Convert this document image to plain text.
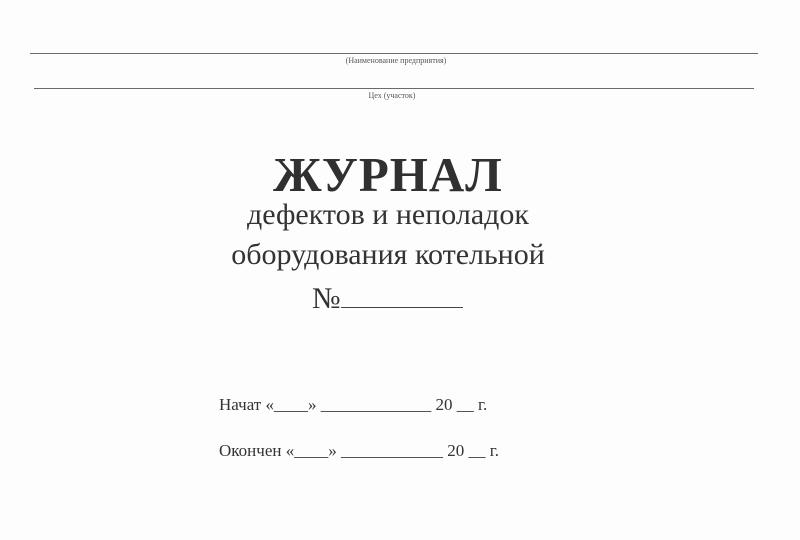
(Наименование предприятия)
Цех (участок)
ЖУРНАЛ
дефектов и неполадок
оборудования котельной
№
Начат «____» _____________ 20 __ г.
Окончен «____» ____________ 20 __ г.
